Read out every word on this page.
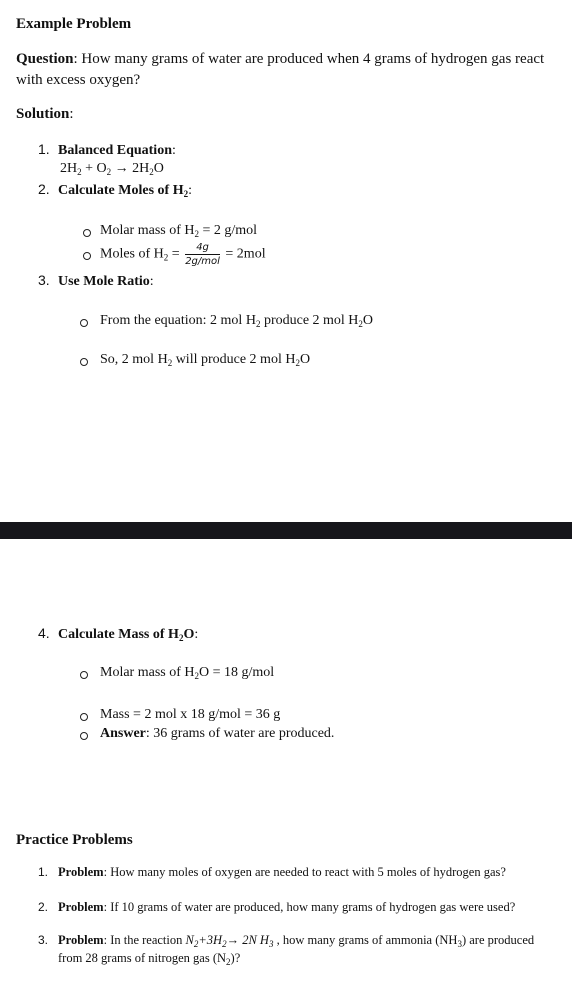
Example Problem
Question: How many grams of water are produced when 4 grams of hydrogen gas react
with excess oxygen?
Solution:
1. Balanced Equation:
$2H_2 + O_2 \to 2H_2O$
2. Calculate Moles of $H_2$:
Molar mass of $H_2 = 2$ g/mol
Moles of $H_2 = \frac{4g}{\text{2g/mol}} = 2mol$
3. Use Mole Ratio:
From the equation: 2 mol $H_2$ produce 2 mol $H_2O$
So, 2 mol $H_2$ will produce 2 mol $H_2O$
4. Calculate Mass of $H_2O$:
Molar mass of $H_2O = 18$ g/mol
Mass = 2 mol x 18 g/mol = 36 g
Answer: 36 grams of water are produced.
Practice Problems
1. Problem: How many moles of oxygen are needed to react with 5 moles of hydrogen gas?
2. Problem: If 10 grams of water are produced, how many grams of hydrogen gas were used?
3. Problem: In the reaction $N_2+3H_2\to 2N$ $H_3$ , how many grams of ammonia $(NH_3)$ are produced
from 28 grams of nitrogen gas $(N_2)$?
